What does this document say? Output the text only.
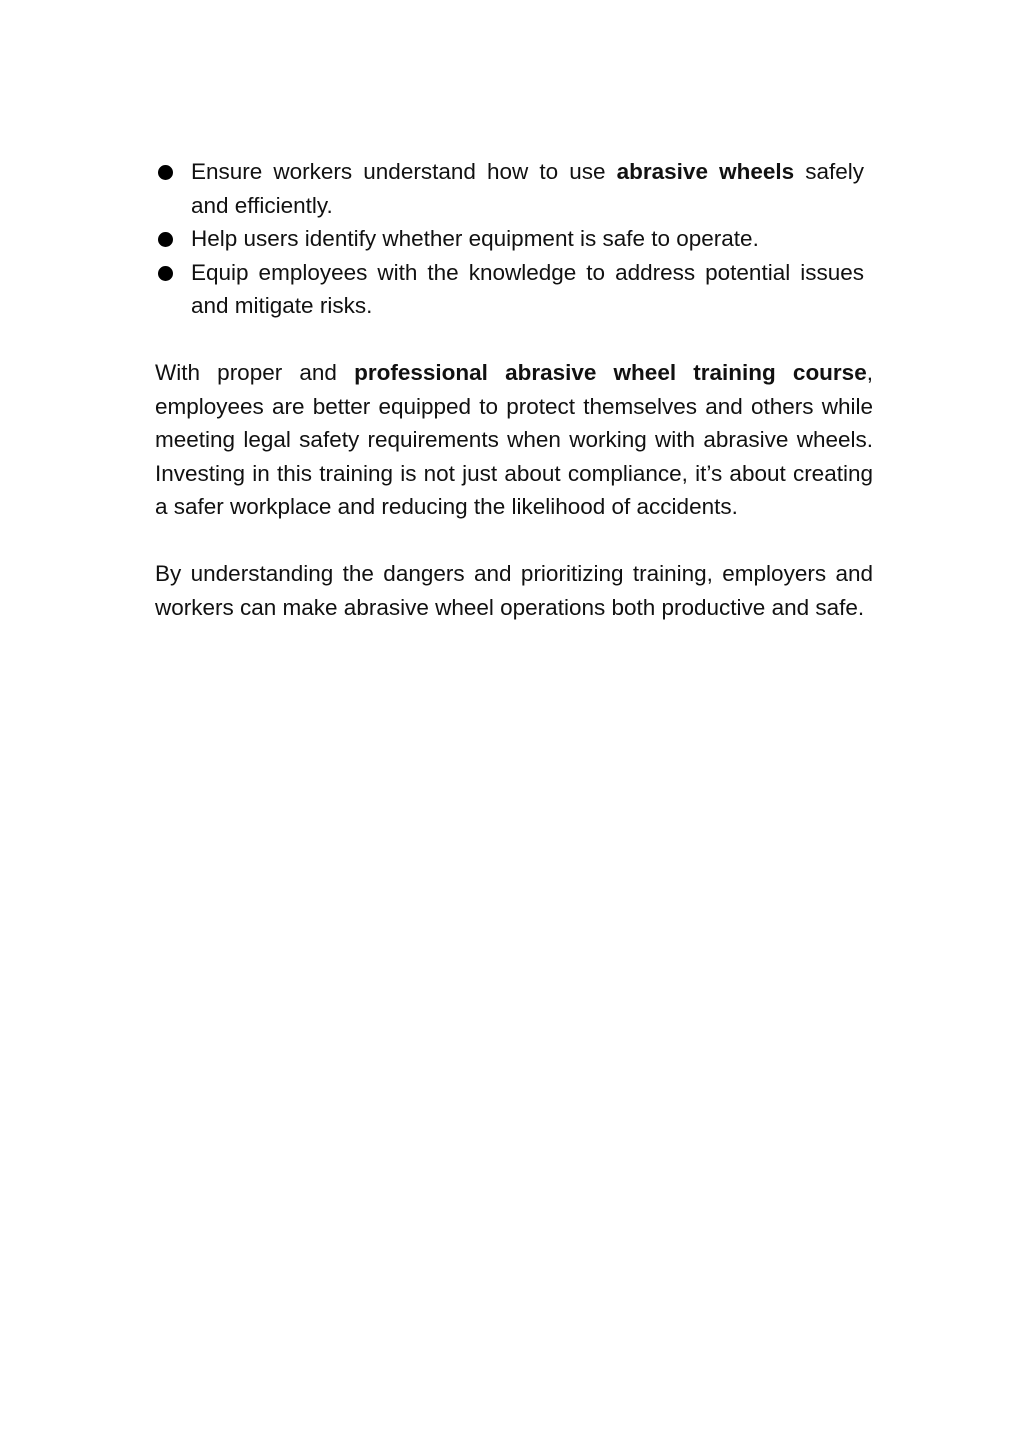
Ensure workers understand how to use abrasive wheels safely and efficiently.
Help users identify whether equipment is safe to operate.
Equip employees with the knowledge to address potential issues and mitigate risks.

With proper and professional abrasive wheel training course, employees are better equipped to protect themselves and others while meeting legal safety requirements when working with abrasive wheels. Investing in this training is not just about compliance, it’s about creating a safer workplace and reducing the likelihood of accidents.

By understanding the dangers and prioritizing training, employers and workers can make abrasive wheel operations both productive and safe.
